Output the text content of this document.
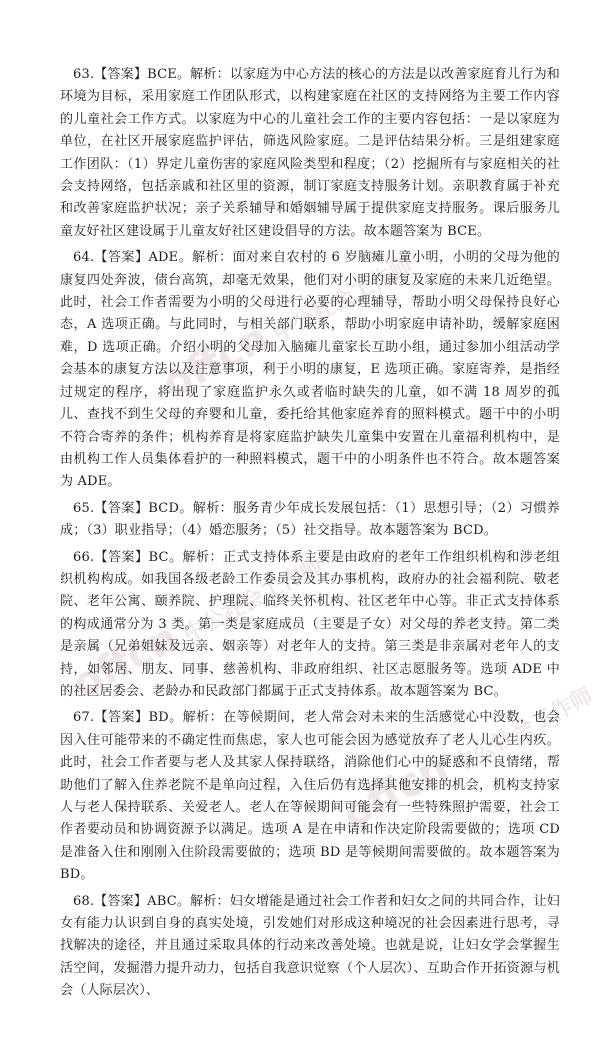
offcn中公社会工作师
offcn中公社会工作师
offcn中公社会工作师

63.【答案】BCE。解析：以家庭为中心方法的核心的方法是以改善家庭育儿行为和环境为目标，采用家庭工作团队形式，以构建家庭在社区的支持网络为主要工作内容的儿童社会工作方式。以家庭为中心的儿童社会工作的主要内容包括：一是以家庭为单位，在社区开展家庭监护评估，筛选风险家庭。二是评估结果分析。三是组建家庭工作团队：（1）界定儿童伤害的家庭风险类型和程度；（2）挖掘所有与家庭相关的社会支持网络，包括亲戚和社区里的资源，制订家庭支持服务计划。亲职教育属于补充和改善家庭监护状况；亲子关系辅导和婚姻辅导属于提供家庭支持服务。课后服务儿童友好社区建设属于儿童友好社区建设倡导的方法。故本题答案为 BCE。

64.【答案】ADE。解析：面对来自农村的 6 岁脑瘫儿童小明，小明的父母为他的康复四处奔波，债台高筑，却毫无效果，他们对小明的康复及家庭的未来几近绝望。此时，社会工作者需要为小明的父母进行必要的心理辅导，帮助小明父母保持良好心态，A 选项正确。与此同时，与相关部门联系，帮助小明家庭申请补助，缓解家庭困难，D 选项正确。介绍小明的父母加入脑瘫儿童家长互助小组，通过参加小组活动学会基本的康复方法以及注意事项，利于小明的康复，E 选项正确。家庭寄养，是指经过规定的程序，将出现了家庭监护永久或者临时缺失的儿童，如不满 18 周岁的孤儿、查找不到生父母的弃婴和儿童，委托给其他家庭养育的照料模式。题干中的小明不符合寄养的条件；机构养育是将家庭监护缺失儿童集中安置在儿童福利机构中，是由机构工作人员集体看护的一种照料模式，题干中的小明条件也不符合。故本题答案为 ADE。

65.【答案】BCD。解析：服务青少年成长发展包括：（1）思想引导；（2）习惯养成；（3）职业指导；（4）婚恋服务；（5）社交指导。故本题答案为 BCD。

66.【答案】BC。解析：正式支持体系主要是由政府的老年工作组织机构和涉老组织机构构成。如我国各级老龄工作委员会及其办事机构，政府办的社会福利院、敬老院、老年公寓、颐养院、护理院、临终关怀机构、社区老年中心等。非正式支持体系的构成通常分为 3 类。第一类是家庭成员（主要是子女）对父母的养老支持。第二类是亲属（兄弟姐妹及远亲、姻亲等）对老年人的支持。第三类是非亲属对老年人的支持，如邻居、朋友、同事、慈善机构、非政府组织、社区志愿服务等。选项 ADE 中的社区居委会、老龄办和民政部门都属于正式支持体系。故本题答案为 BC。

67.【答案】BD。解析：在等候期间，老人常会对未来的生活感觉心中没数，也会因入住可能带来的不确定性而焦虑，家人也可能会因为感觉放弃了老人儿心生内疚。此时，社会工作者要与老人及其家人保持联络，消除他们心中的疑惑和不良情绪，帮助他们了解入住养老院不是单向过程，入住后仍有选择其他安排的机会，机构支持家人与老人保持联系、关爱老人。老人在等候期间可能会有一些特殊照护需要，社会工作者要动员和协调资源予以满足。选项 A 是在申请和作决定阶段需要做的；选项 CD 是准备入住和刚刚入住阶段需要做的；选项 BD 是等候期间需要做的。故本题答案为 BD。

68.【答案】ABC。解析：妇女增能是通过社会工作者和妇女之间的共同合作，让妇女有能力认识到自身的真实处境，引发她们对形成这种境况的社会因素进行思考，寻找解决的途径，并且通过采取具体的行动来改善处境。也就是说，让妇女学会掌握生活空间，发掘潜力提升动力，包括自我意识觉察（个人层次）、互助合作开拓资源与机会（人际层次）、
